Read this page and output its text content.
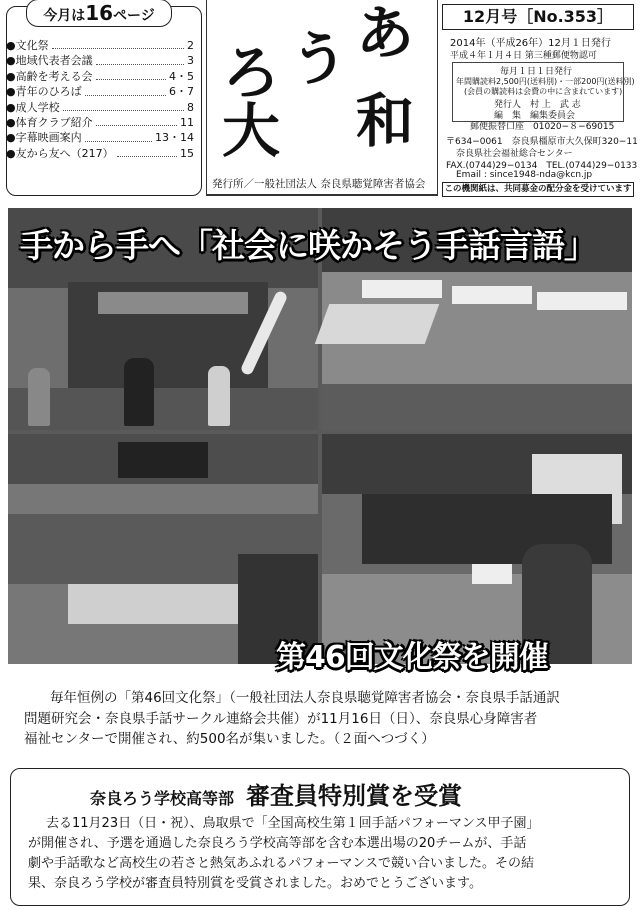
今月は16ページ
●文化祭	2
●地域代表者会議	3
●高齢を考える会	4・5
●青年のひろば	6・7
●成人学校	8
●体育クラブ紹介	11
●字幕映画案内	13・14
●友から友へ（217）	15
ろ う あ
大 和
発行所／一般社団法人 奈良県聴覚障害者協会
12月号［No.353］
2014年（平成26年）12月１日発行
平成４年１月４日 第三種郵便物認可
毎月１日１日発行
年間購読料2,500円(送料別)・一部200円(送料別)
(会員の購読料は会費の中に含まれています)
発行人　村 上　武 志
編　集　編集委員会
郵便振替口座　01020−８−69015
〒634−0061　奈良県橿原市大久保町320−11
奈良県社会福祉総合センター
FAX.(0744)29−0134　TEL.(0744)29−0133
Email : since1948-nda@kcn.jp
この機関紙は、共同募金の配分金を受けています
手から手へ「社会に咲かそう手話言語」
第46回文化祭を開催

毎年恒例の「第46回文化祭」（一般社団法人奈良県聴覚障害者協会・奈良県手話通訳

問題研究会・奈良県手話サークル連絡会共催）が11月16日（日）、奈良県心身障害者

福祉センターで開催され、約500名が集いました。（２面へつづく）

奈良ろう学校高等部 審査員特別賞を受賞

去る11月23日（日・祝）、鳥取県で「全国高校生第１回手話パフォーマンス甲子園」

が開催され、予選を通過した奈良ろう学校高等部を含む本選出場の20チームが、手話

劇や手話歌など高校生の若さと熱気あふれるパフォーマンスで競い合いました。その結

果、奈良ろう学校が審査員特別賞を受賞されました。おめでとうございます。
